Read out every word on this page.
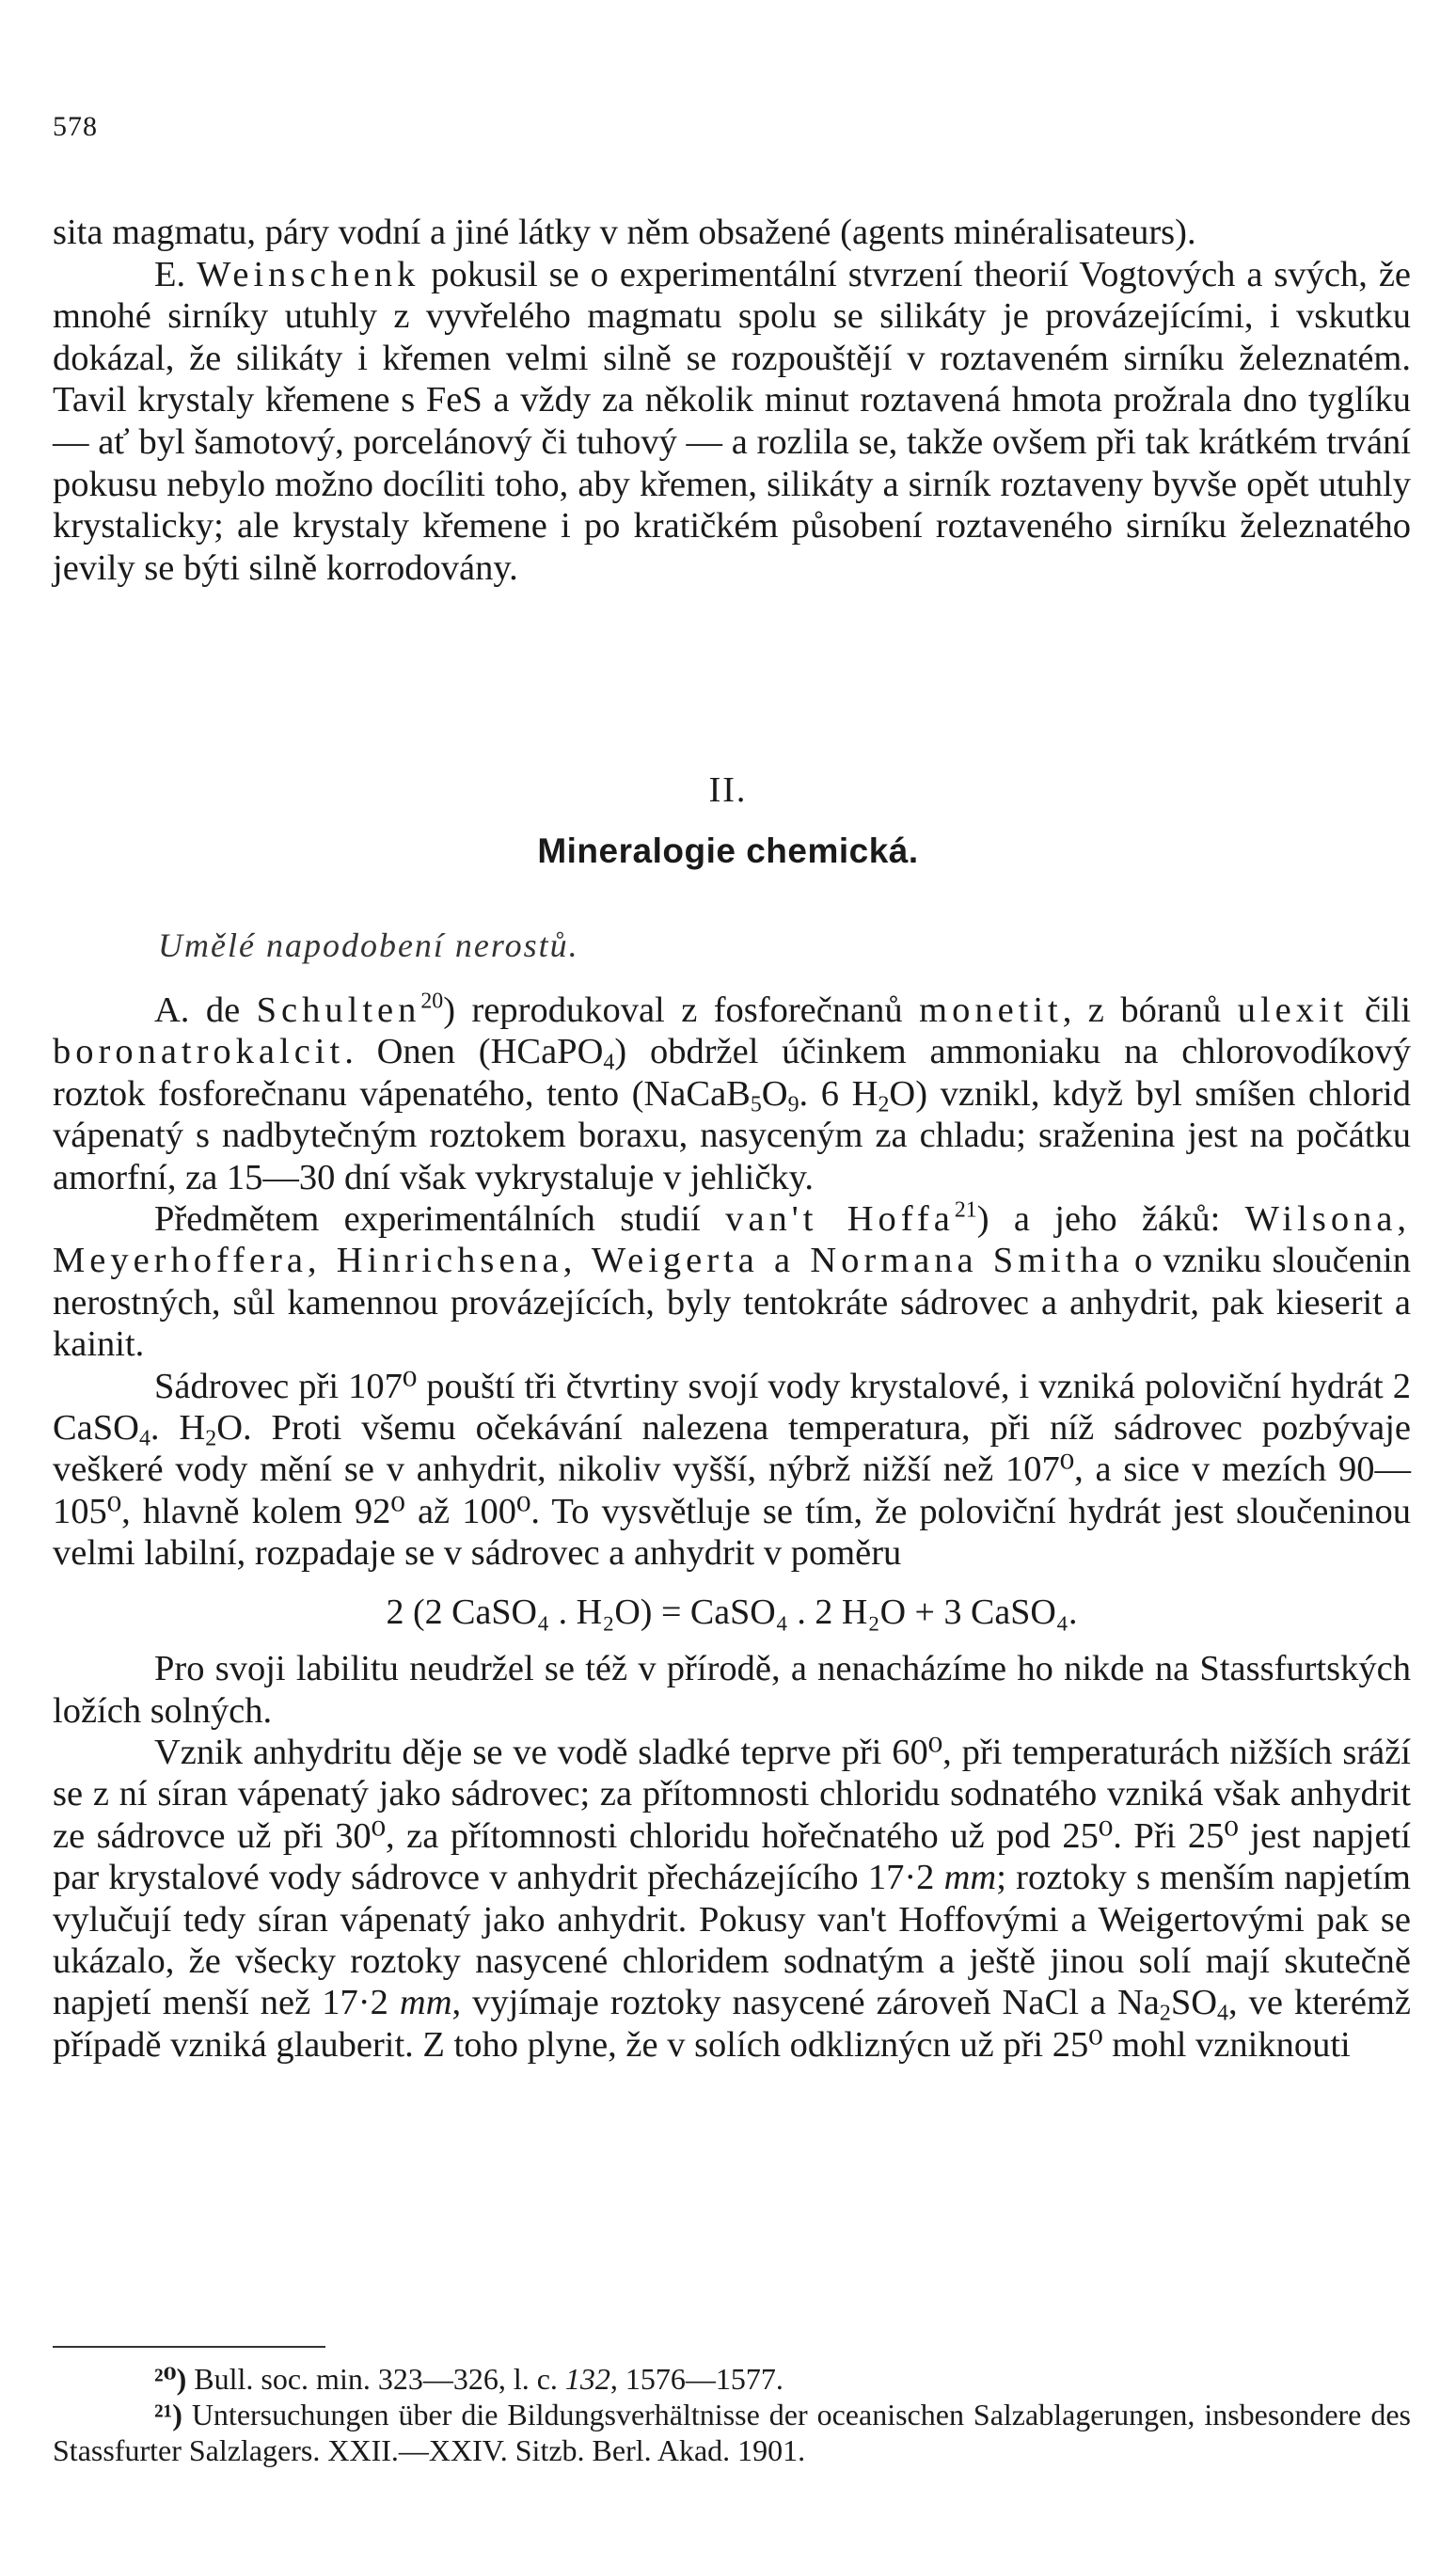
578

sita magmatu, páry vodní a jiné látky v něm obsažené (agents minéralisateurs).

E. Weinschenk pokusil se o experimentální stvrzení theorií Vogtových a svých, že mnohé sirníky utuhly z vyvřelého magmatu spolu se silikáty je provázejícími, i vskutku dokázal, že silikáty i křemen velmi silně se rozpouštějí v roztaveném sirníku železnatém. Tavil krystaly křemene s FeS a vždy za několik minut roztavená hmota prožrala dno tyglíku — ať byl šamotový, porcelánový či tuhový — a rozlila se, takže ovšem při tak krátkém trvání pokusu nebylo možno docíliti toho, aby křemen, silikáty a sirník roztaveny byvše opět utuhly krystalicky; ale krystaly křemene i po kratičkém působení roztaveného sirníku železnatého jevily se býti silně korrodovány.

II.
Mineralogie chemická.
Umělé napodobení nerostů.

A. de Schulten$^{20}$) reprodukoval z fosforečnanů monetit, z bóranů ulexit čili boronatrokalcit. Onen (HCaPO$_4$) obdržel účinkem ammoniaku na chlorovodíkový roztok fosforečnanu vápenatého, tento ($NaCaB_5O_9$. 6 $H_2O$) vznikl, když byl smíšen chlorid vápenatý s nadbytečným roztokem boraxu, nasyceným za chladu; sraženina jest na počátku amorfní, za 15—30 dní však vykrystaluje v jehličky.

Předmětem experimentálních studií van't Hoffa$^{21}$) a jeho žáků: Wilsona, Meyerhoffera, Hinrichsena, Weigerta a Normana Smitha o vzniku sloučenin nerostných, sůl kamennou provázejících, byly tentokráte sádrovec a anhydrit, pak kieserit a kainit.

Sádrovec při 107⁰ pouští tři čtvrtiny svojí vody krystalové, i vzniká poloviční hydrát 2 CaSO$_4$. $H_2O$. Proti všemu očekávání nalezena temperatura, při níž sádrovec pozbývaje veškeré vody mění se v anhydrit, nikoliv vyšší, nýbrž nižší než 107⁰, a sice v mezích 90—105⁰, hlavně kolem 92⁰ až 100⁰. To vysvětluje se tím, že poloviční hydrát jest sloučeninou velmi labilní, rozpadaje se v sádrovec a anhydrit v poměru

2 (2 CaSO₄ . H₂O) = CaSO₄ . 2 H₂O + 3 CaSO₄.

Pro svoji labilitu neudržel se též v přírodě, a nenacházíme ho nikde na Stassfurtských ložích solných.

Vznik anhydritu děje se ve vodě sladké teprve při 60⁰, při temperaturách nižších sráží se z ní síran vápenatý jako sádrovec; za přítomnosti chloridu sodnatého vzniká však anhydrit ze sádrovce už při 30⁰, za přítomnosti chloridu hořečnatého už pod 25⁰. Při 25⁰ jest napjetí par krystalové vody sádrovce v anhydrit přecházejícího 17·2 mm; roztoky s menším napjetím vylučují tedy síran vápenatý jako anhydrit. Pokusy van't Hoffovými a Weigertovými pak se ukázalo, že všecky roztoky nasycené chloridem sodnatým a ještě jinou solí mají skutečně napjetí menší než 17·2 mm, vyjímaje roztoky nasycené zároveň NaCl a $Na_2SO_4$, ve kterémž případě vzniká glauberit. Z toho plyne, že v solích odkliznýcn už při 25⁰ mohl vzniknouti

²⁰) Bull. soc. min. 323—326, l. c. 132, 1576—1577.

²¹) Untersuchungen über die Bildungsverhältnisse der oceanischen Salzablagerungen, insbesondere des Stassfurter Salzlagers. XXII.—XXIV. Sitzb. Berl. Akad. 1901.
